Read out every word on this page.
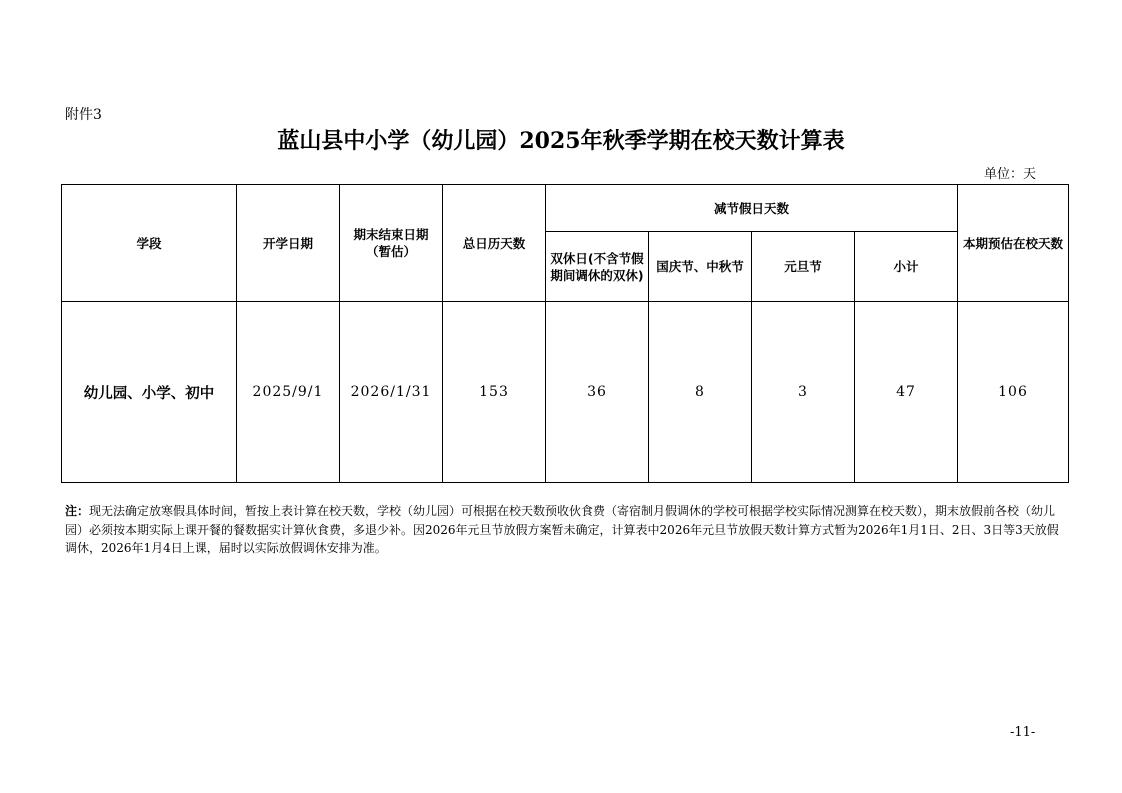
附件3
蓝山县中小学（幼儿园）2025年秋季学期在校天数计算表
单位：天
学段	开学日期	期末结束日期（暂估）	总日历天数	减节假日天数				本期预估在校天数
				双休日(不含节假期间调休的双休)	国庆节、中秋节	元旦节	小计	
幼儿园、小学、初中	2025/9/1	2026/1/31	153	36	8	3	47	106
注：现无法确定放寒假具体时间，暂按上表计算在校天数，学校（幼儿园）可根据在校天数预收伙食费（寄宿制月假调休的学校可根据学校实际情况测算在校天数），期末放假前各校（幼儿园）必须按本期实际上课开餐的餐数据实计算伙食费，多退少补。因2026年元旦节放假方案暂未确定，计算表中2026年元旦节放假天数计算方式暂为2026年1月1日、2日、3日等3天放假调休，2026年1月4日上课，届时以实际放假调休安排为准。
-11-
